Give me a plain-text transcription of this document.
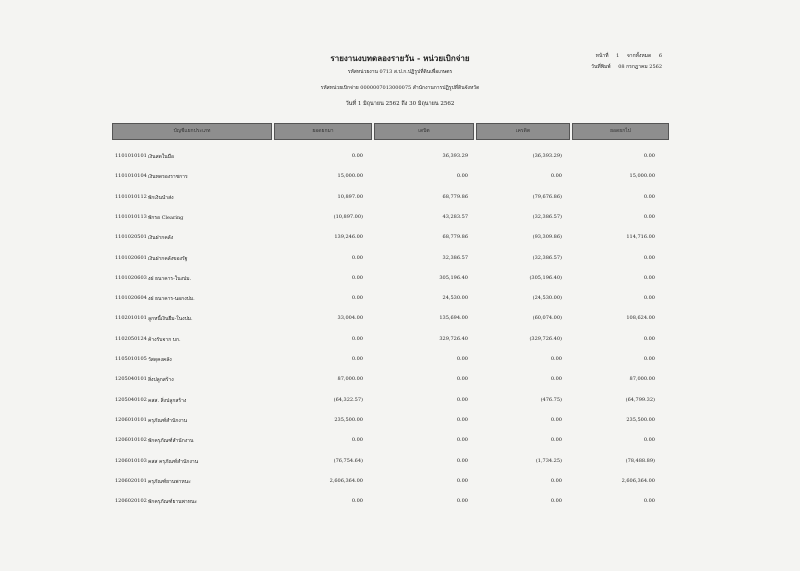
รายงานงบทดลองรายวัน - หน่วยเบิกจ่าย
รหัสหน่วยงาน 0713 ส.ป.ก.ปฏิรูปที่ดินเพื่อเกษตร
รหัสหน่วยเบิกจ่าย 0000007013000075 สำนักงานการปฏิรูปที่ดินจังหวัด
วันที่ 1 มิถุนายน 2562 ถึง 30 มิถุนายน 2562
หน้าที่ 1 จากทั้งหมด 6
วันที่พิมพ์ 08 กรกฎาคม 2562
บัญชีแยกประเภท	ยอดยกมา	เดบิต	เครดิต	ยอดยกไป
1101010101 เงินสดในมือ	0.00	36,393.29	(36,393.29)	0.00
1101010104 เงินทดรองราชการ	15,000.00	0.00	0.00	15,000.00
1101010112 พักเงินนำส่ง	10,897.00	68,779.86	(79,676.86)	0.00
1101010113 พักรอ Clearing	(10,897.00)	43,283.57	(32,386.57)	0.00
1101020501 เงินฝากคลัง	139,246.00	68,779.86	(93,309.86)	114,716.00
1101020601 เงินฝากคลังของรัฐ	0.00	32,386.57	(32,386.57)	0.00
1101020603 งฝ ธนาคาร-ในงปม.	0.00	305,196.40	(305,196.40)	0.00
1101020604 งฝ ธนาคาร-นอกงปม.	0.00	24,530.00	(24,530.00)	0.00
1102010101 ลูกหนี้เงินยืม-ในงปม.	33,004.00	135,694.00	(60,074.00)	108,624.00
1102050124 ค้างรับจาก บก.	0.00	329,726.40	(329,726.40)	0.00
1105010105 วัสดุคงคลัง	0.00	0.00	0.00	0.00
1205040101 สิ่งปลูกสร้าง	87,000.00	0.00	0.00	87,000.00
1205040102 คสส. สิ่งปลูกสร้าง	(64,322.57)	0.00	(476.75)	(64,799.32)
1206010101 ครุภัณฑ์สำนักงาน	235,500.00	0.00	0.00	235,500.00
1206010102 พักครุภัณฑ์สำนักงาน	0.00	0.00	0.00	0.00
1206010103 คสส ครุภัณฑ์สำนักงาน	(76,754.64)	0.00	(1,734.25)	(78,488.89)
1206020101 ครุภัณฑ์ยานพาหนะ	2,606,364.00	0.00	0.00	2,606,364.00
1206020102 พักครุภัณฑ์ยานพาหนะ	0.00	0.00	0.00	0.00
